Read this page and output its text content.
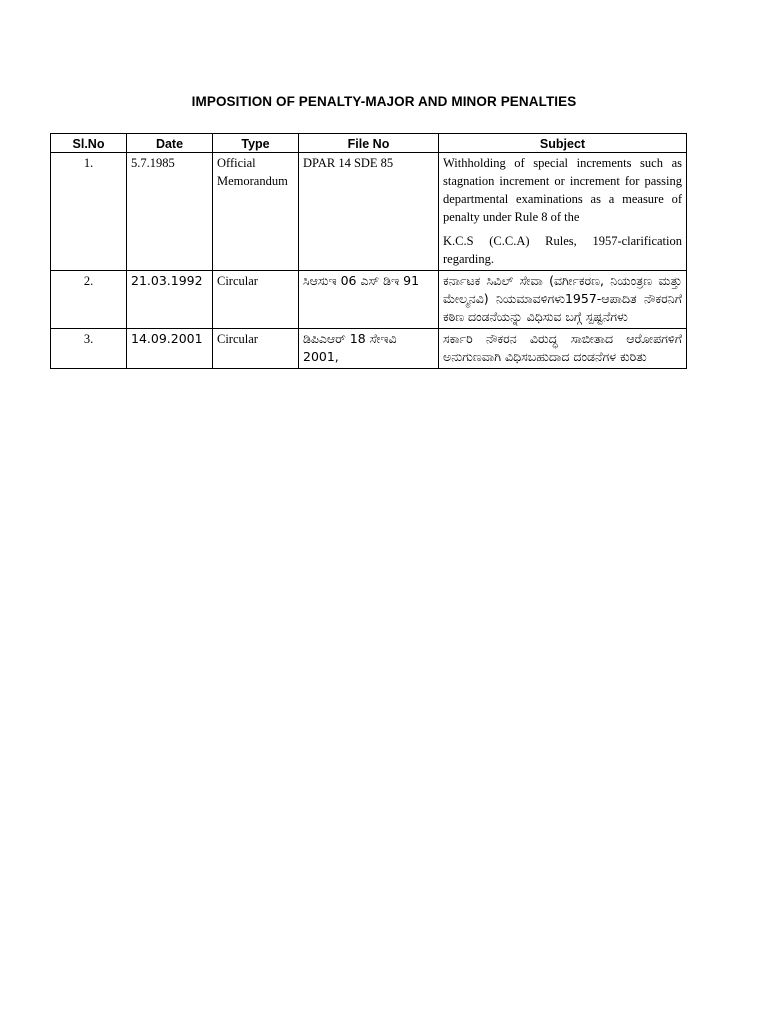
IMPOSITION OF PENALTY-MAJOR AND MINOR PENALTIES
Sl.No	Date	Type	File No	Subject
1.	5.7.1985	Official Memorandum	DPAR 14 SDE 85	Withholding of special increments such as stagnation increment or increment for passing departmental examinations as a measure of penalty under Rule 8 of the
K.C.S (C.C.A) Rules, 1957-clarification regarding.

2.	21.03.1992	Circular	ಸಿಆಸುಇ 06 ಎಸ್ ಡಿಇ 91	ಕರ್ನಾಟಕ ಸಿವಿಲ್ ಸೇವಾ (ವರ್ಗೀಕರಣ, ನಿಯಂತ್ರಣ ಮತ್ತು ಮೇಲ್ಮನವಿ) ನಿಯಮಾವಳಿಗಳು1957-ಆಪಾದಿತ ನೌಕರನಿಗೆ ಕಠಿಣ ದಂಡನೆಯನ್ನು ವಿಧಿಸುವ ಬಗ್ಗೆ ಸ್ಪಷ್ಟನೆಗಳು

3.	14.09.2001	Circular	ಡಿಪಿಎಆರ್ 18 ಸೇಇವಿ 2001,	ಸರ್ಕಾರಿ ನೌಕರನ ವಿರುದ್ಧ ಸಾಬೀತಾದ ಆರೋಪಗಳಿಗೆ ಅನುಗುಣವಾಗಿ ವಿಧಿಸಬಹುದಾದ ದಂಡನೆಗಳ ಕುರಿತು
